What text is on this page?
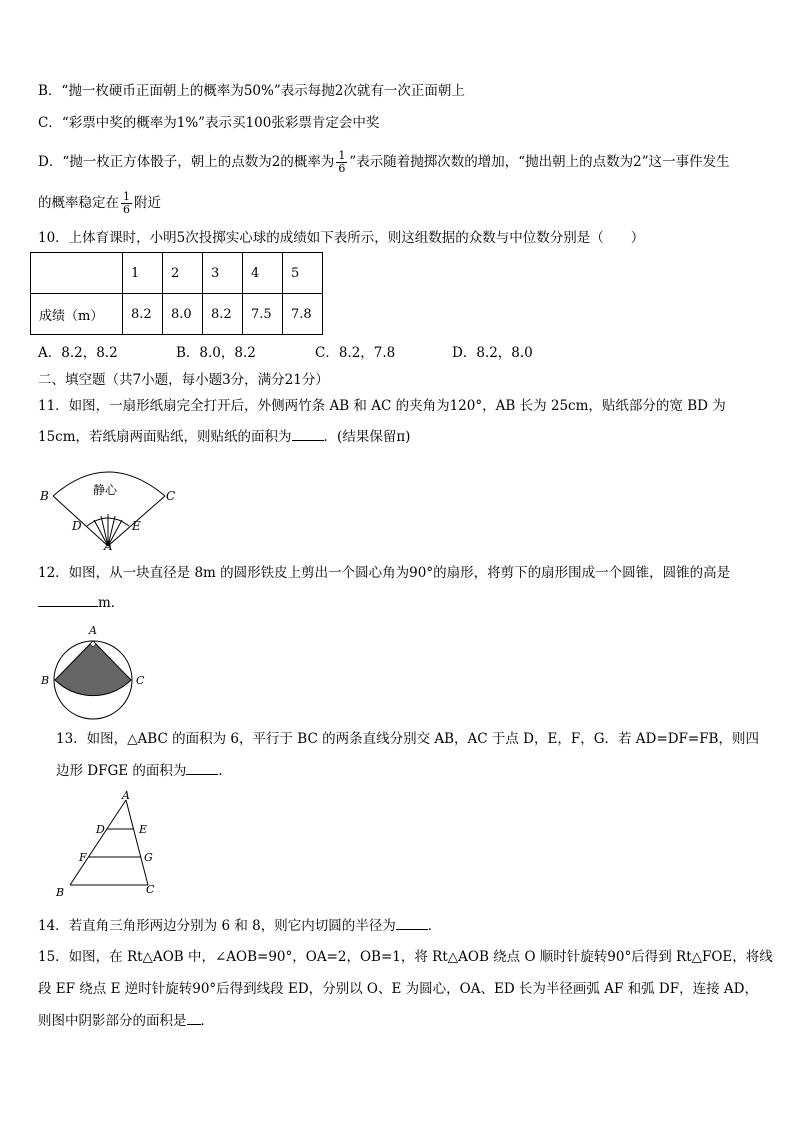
B．“抛一枚硬币正面朝上的概率为50%”表示每抛2次就有一次正面朝上
C．“彩票中奖的概率为1%”表示买100张彩票肯定会中奖
D．“抛一枚正方体骰子，朝上的点数为2的概率为 $\frac{1}{6}$ ”表示随着抛掷次数的增加，“抛出朝上的点数为2”这一事件发生
的概率稳定在 $\frac{1}{6}$ 附近
10．上体育课时，小明5次投掷实心球的成绩如下表所示，则这组数据的众数与中位数分别是（　　）
	1	2	3	4	5
成绩（m）	8.2	8.0	8.2	7.5	7.8
A．8.2，8.2	B．8.0，8.2	C．8.2，7.8	D．8.2，8.0
二、填空题（共7小题，每小题3分，满分21分）
11．如图，一扇形纸扇完全打开后，外侧两竹条 AB 和 AC 的夹角为120°，AB 长为 25cm，贴纸部分的宽 BD 为
15cm，若纸扇两面贴纸，则贴纸的面积为 ．(结果保留π)
静心
B	C
D	E
A
12．如图，从一块直径是 8m 的圆形铁皮上剪出一个圆心角为90°的扇形，将剪下的扇形围成一个圆锥，圆锥的高是
m．
A
B	C
13．如图，△ABC 的面积为 6，平行于 BC 的两条直线分别交 AB，AC 于点 D，E，F，G．若 AD=DF=FB，则四
边形 DFGE 的面积为 ．
A
D	E
F	G
B	C
14．若直角三角形两边分别为 6 和 8，则它内切圆的半径为 ．
15．如图，在 Rt△AOB 中，∠AOB=90°，OA=2，OB=1，将 Rt△AOB 绕点 O 顺时针旋转90°后得到 Rt△FOE，将线
段 EF 绕点 E 逆时针旋转90°后得到线段 ED，分别以 O、E 为圆心，OA、ED 长为半径画弧 AF 和弧 DF，连接 AD，
则图中阴影部分的面积是 ．
